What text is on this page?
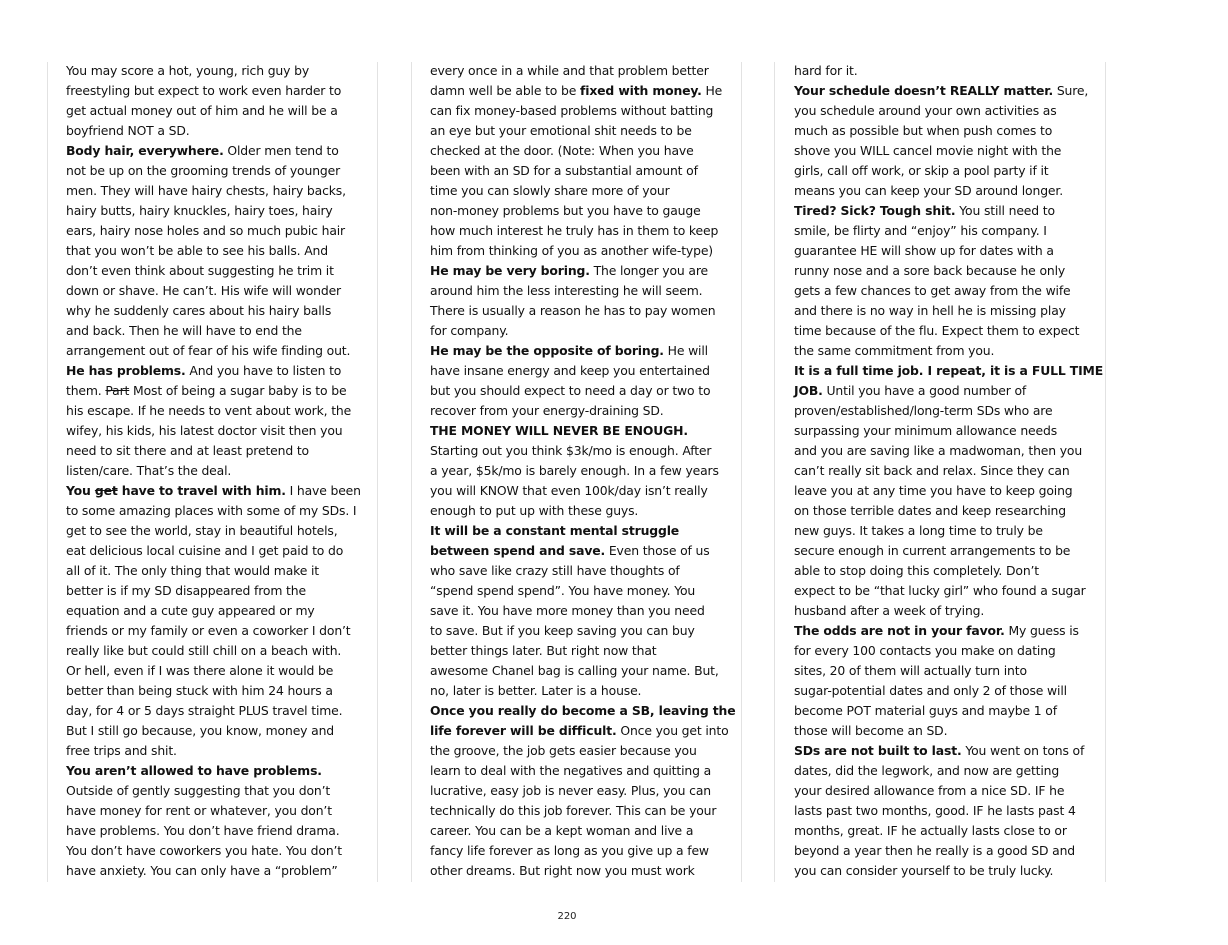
You may score a hot, young, rich guy by
freestyling but expect to work even harder to
get actual money out of him and he will be a
boyfriend NOT a SD.
Body hair, everywhere. Older men tend to
not be up on the grooming trends of younger
men. They will have hairy chests, hairy backs,
hairy butts, hairy knuckles, hairy toes, hairy
ears, hairy nose holes and so much pubic hair
that you won’t be able to see his balls. And
don’t even think about suggesting he trim it
down or shave. He can’t. His wife will wonder
why he suddenly cares about his hairy balls
and back. Then he will have to end the
arrangement out of fear of his wife finding out.
He has problems. And you have to listen to
them. Part Most of being a sugar baby is to be
his escape. If he needs to vent about work, the
wifey, his kids, his latest doctor visit then you
need to sit there and at least pretend to
listen/care. That’s the deal.
You get have to travel with him. I have been
to some amazing places with some of my SDs. I
get to see the world, stay in beautiful hotels,
eat delicious local cuisine and I get paid to do
all of it. The only thing that would make it
better is if my SD disappeared from the
equation and a cute guy appeared or my
friends or my family or even a coworker I don’t
really like but could still chill on a beach with.
Or hell, even if I was there alone it would be
better than being stuck with him 24 hours a
day, for 4 or 5 days straight PLUS travel time.
But I still go because, you know, money and
free trips and shit.
You aren’t allowed to have problems.
Outside of gently suggesting that you don’t
have money for rent or whatever, you don’t
have problems. You don’t have friend drama.
You don’t have coworkers you hate. You don’t
have anxiety. You can only have a “problem”
every once in a while and that problem better
damn well be able to be fixed with money. He
can fix money-based problems without batting
an eye but your emotional shit needs to be
checked at the door. (Note: When you have
been with an SD for a substantial amount of
time you can slowly share more of your
non-money problems but you have to gauge
how much interest he truly has in them to keep
him from thinking of you as another wife-type)
He may be very boring. The longer you are
around him the less interesting he will seem.
There is usually a reason he has to pay women
for company.
He may be the opposite of boring. He will
have insane energy and keep you entertained
but you should expect to need a day or two to
recover from your energy-draining SD.
THE MONEY WILL NEVER BE ENOUGH.
Starting out you think $3k/mo is enough. After
a year, $5k/mo is barely enough. In a few years
you will KNOW that even 100k/day isn’t really
enough to put up with these guys.
It will be a constant mental struggle
between spend and save. Even those of us
who save like crazy still have thoughts of
“spend spend spend”. You have money. You
save it. You have more money than you need
to save. But if you keep saving you can buy
better things later. But right now that
awesome Chanel bag is calling your name. But,
no, later is better. Later is a house.
Once you really do become a SB, leaving the
life forever will be difficult. Once you get into
the groove, the job gets easier because you
learn to deal with the negatives and quitting a
lucrative, easy job is never easy. Plus, you can
technically do this job forever. This can be your
career. You can be a kept woman and live a
fancy life forever as long as you give up a few
other dreams. But right now you must work
hard for it.
Your schedule doesn’t REALLY matter. Sure,
you schedule around your own activities as
much as possible but when push comes to
shove you WILL cancel movie night with the
girls, call off work, or skip a pool party if it
means you can keep your SD around longer.
Tired? Sick? Tough shit. You still need to
smile, be flirty and “enjoy” his company. I
guarantee HE will show up for dates with a
runny nose and a sore back because he only
gets a few chances to get away from the wife
and there is no way in hell he is missing play
time because of the flu. Expect them to expect
the same commitment from you.
It is a full time job. I repeat, it is a FULL TIME
JOB. Until you have a good number of
proven/established/long-term SDs who are
surpassing your minimum allowance needs
and you are saving like a madwoman, then you
can’t really sit back and relax. Since they can
leave you at any time you have to keep going
on those terrible dates and keep researching
new guys. It takes a long time to truly be
secure enough in current arrangements to be
able to stop doing this completely. Don’t
expect to be “that lucky girl” who found a sugar
husband after a week of trying.
The odds are not in your favor. My guess is
for every 100 contacts you make on dating
sites, 20 of them will actually turn into
sugar-potential dates and only 2 of those will
become POT material guys and maybe 1 of
those will become an SD.
SDs are not built to last. You went on tons of
dates, did the legwork, and now are getting
your desired allowance from a nice SD. IF he
lasts past two months, good. IF he lasts past 4
months, great. IF he actually lasts close to or
beyond a year then he really is a good SD and
you can consider yourself to be truly lucky.
220
